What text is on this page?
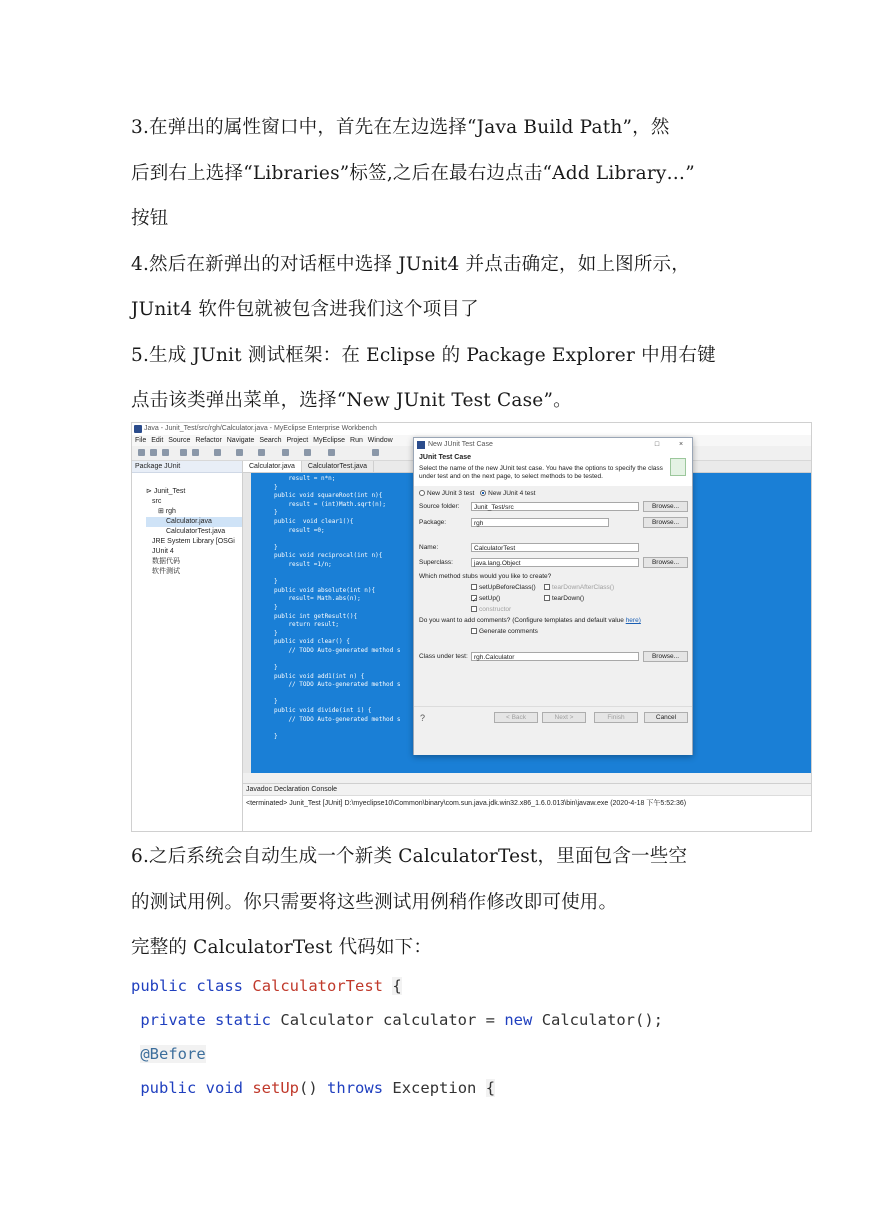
3.在弹出的属性窗口中，首先在左边选择“Java Build Path”，然

后到右上选择“Libraries”标签,之后在最右边点击“Add Library…”

按钮

4.然后在新弹出的对话框中选择 JUnit4 并点击确定，如上图所示，

JUnit4 软件包就被包含进我们这个项目了

5.生成 JUnit 测试框架：在 Eclipse 的 Package Explorer 中用右键

点击该类弹出菜单，选择“New JUnit Test Case”。

Java - Junit_Test/src/rgh/Calculator.java - MyEclipse Enterprise Workbench
File Edit Source Refactor Navigate Search Project MyEclipse Run Window
Package JUnit
⊳ Junit_Test
src
⊞ rgh
Calculator.java
CalculatorTest.java
JRE System Library [OSGi
JUnit 4
数据代码
软件测试
Calculator.java CalculatorTest.java
result = n*n;
}
public void squareRoot(int n){
result = (int)Math.sqrt(n);
}
public  void clear1(){
result =0;

}
public void reciprocal(int n){
result =1/n;

}
public void absolute(int n){
result= Math.abs(n);
}
public int getResult(){
return result;
}
public void clear() {
// TODO Auto-generated method s

}
public void add1(int n) {
// TODO Auto-generated method s

}
public void divide(int i) {
// TODO Auto-generated method s

}
Javadoc Declaration Console
<terminated> Junit_Test [JUnit] D:\myeclipse10\Common\binary\com.sun.java.jdk.win32.x86_1.6.0.013\bin\javaw.exe (2020-4-18 下午5:52:36)
New JUnit Test Case	□	×
JUnit Test Case
Select the name of the new JUnit test case. You have the options to specify the class under test and on the next page, to select methods to be tested.
New JUnit 3 test New JUnit 4 test
Source folder:	Junit_Test/src	Browse...
Package:	rgh	Browse...
Name:	CalculatorTest
Superclass:	java.lang.Object	Browse...
Which method stubs would you like to create?
setUpBeforeClass()	tearDownAfterClass()
✓ setUp()	tearDown()
constructor
Do you want to add comments? (Configure templates and default value here)
Generate comments
Class under test: rgh.Calculator	Browse...
?	< Back	Next >	Finish	Cancel

6.之后系统会自动生成一个新类 CalculatorTest，里面包含一些空

的测试用例。你只需要将这些测试用例稍作修改即可使用。

完整的 CalculatorTest 代码如下：

public class CalculatorTest {
private static Calculator calculator = new Calculator();
@Before
public void setUp() throws Exception {
